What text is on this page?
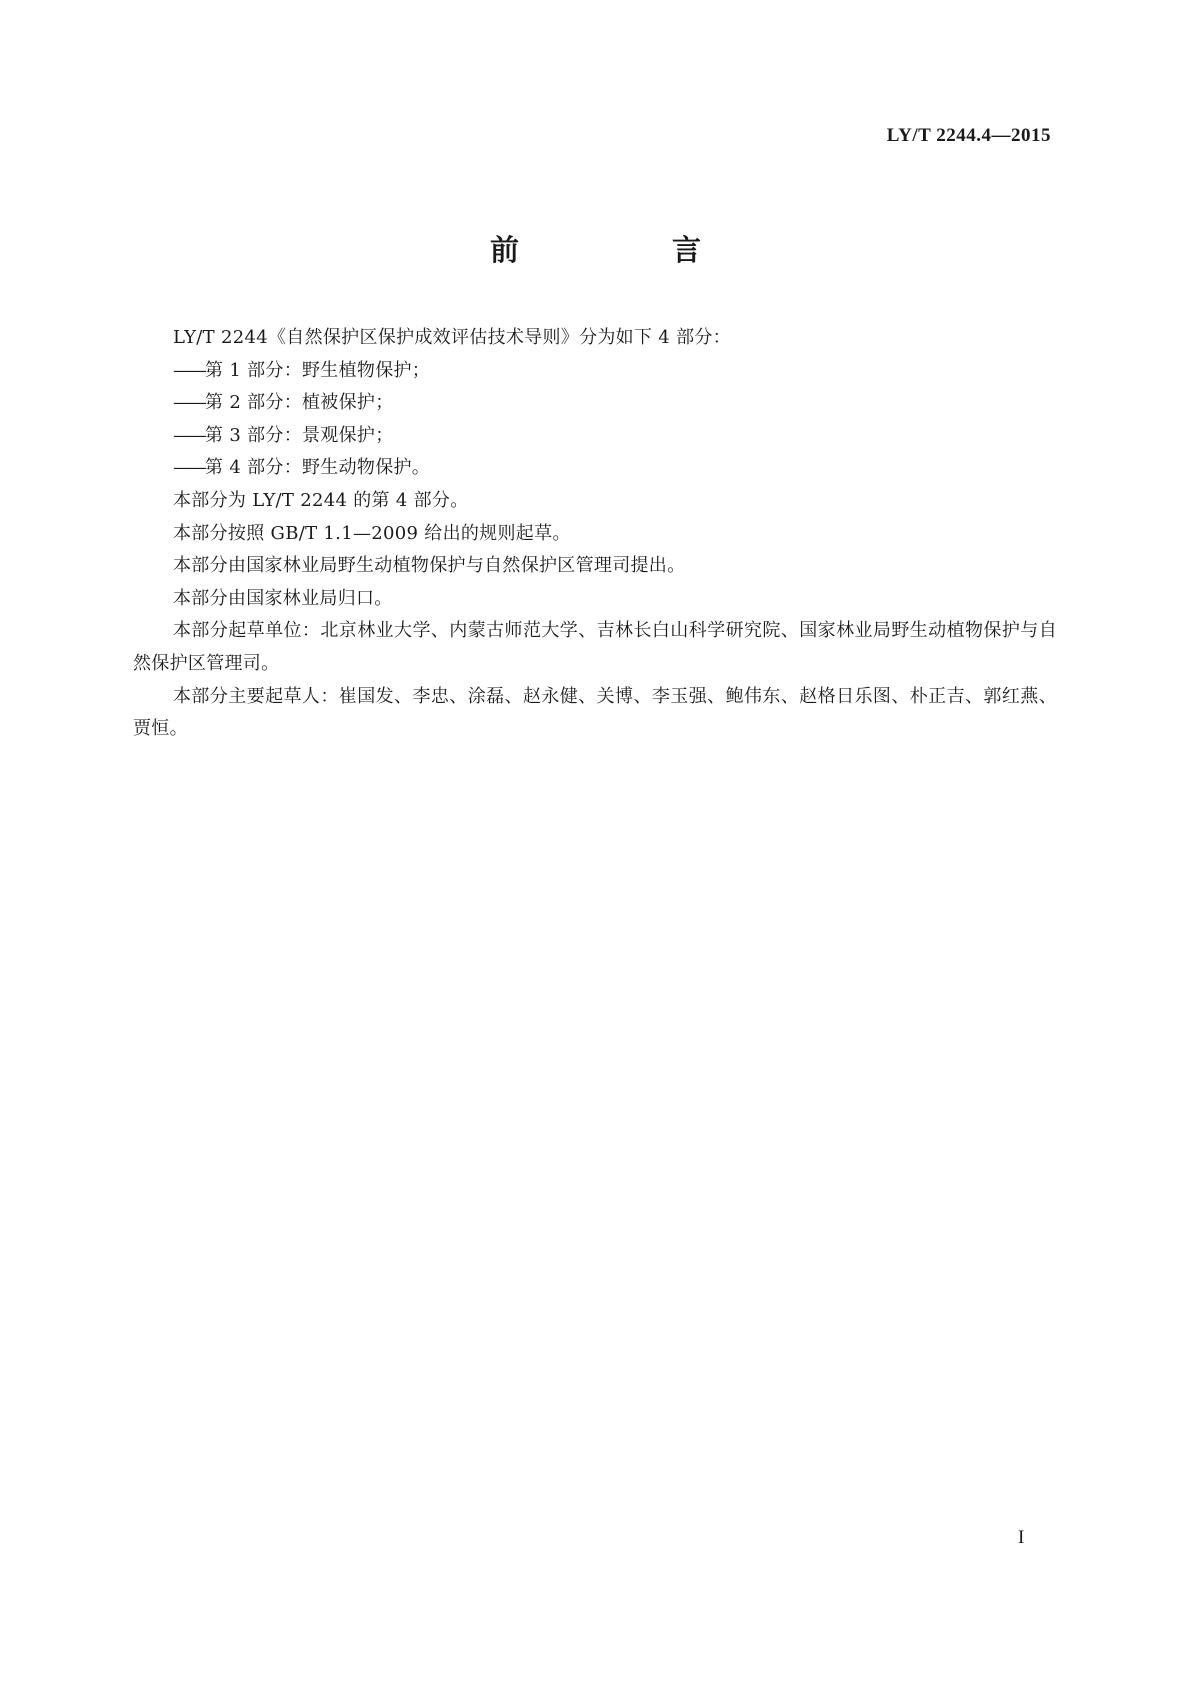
LY/T 2244.4—2015
前　言

LY/T 2244《自然保护区保护成效评估技术导则》分为如下 4 部分：

——第 1 部分：野生植物保护；

——第 2 部分：植被保护；

——第 3 部分：景观保护；

——第 4 部分：野生动物保护。

本部分为 LY/T 2244 的第 4 部分。

本部分按照 GB/T 1.1—2009 给出的规则起草。

本部分由国家林业局野生动植物保护与自然保护区管理司提出。

本部分由国家林业局归口。

本部分起草单位：北京林业大学、内蒙古师范大学、吉林长白山科学研究院、国家林业局野生动植物保护与自然保护区管理司。

本部分主要起草人：崔国发、李忠、涂磊、赵永健、关博、李玉强、鲍伟东、赵格日乐图、朴正吉、郭红燕、贾恒。

I
